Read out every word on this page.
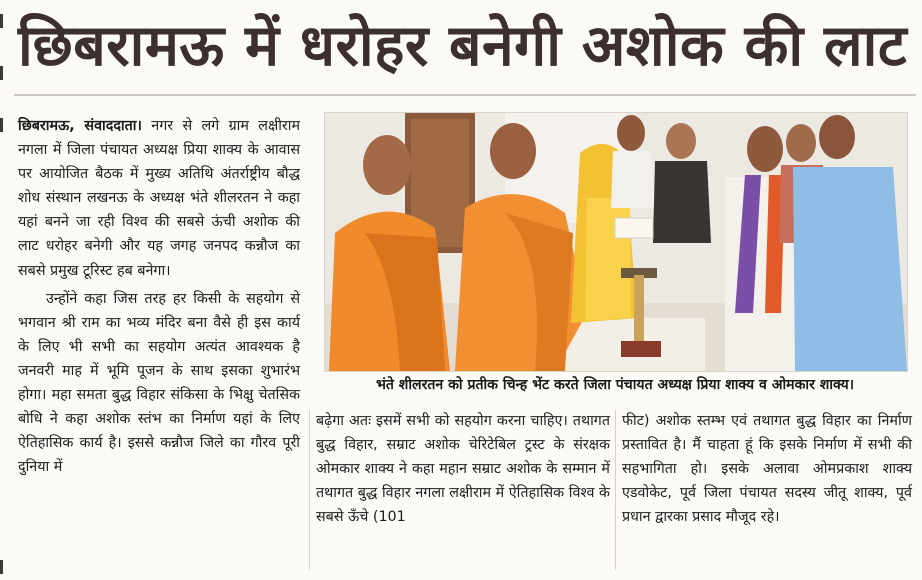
छिबरामऊ में धरोहर बनेगी अशोक की लाट

छिबरामऊ, संवाददाता। नगर से लगे ग्राम लक्षीराम नगला में जिला पंचायत अध्यक्ष प्रिया शाक्य के आवास पर आयोजित बैठक में मुख्य अतिथि अंतर्राष्ट्रीय बौद्ध शोध संस्थान लखनऊ के अध्यक्ष भंते शीलरतन ने कहा यहां बनने जा रही विश्व की सबसे ऊंची अशोक की लाट धरोहर बनेगी और यह जगह जनपद कन्नौज का सबसे प्रमुख टूरिस्ट हब बनेगा।

उन्होंने कहा जिस तरह हर किसी के सहयोग से भगवान श्री राम का भव्य मंदिर बना वैसे ही इस कार्य के लिए भी सभी का सहयोग अत्यंत आवश्यक है जनवरी माह में भूमि पूजन के साथ इसका शुभारंभ होगा। महा समता बुद्ध विहार संकिसा के भिक्षु चेतसिक बोधि ने कहा अशोक स्तंभ का निर्माण यहां के लिए ऐतिहासिक कार्य है। इससे कन्नौज जिले का गौरव पूरी दुनिया में

भंते शीलरतन को प्रतीक चिन्ह भेंट करते जिला पंचायत अध्यक्ष प्रिया शाक्य व ओमकार शाक्य।

बढ़ेगा अतः इसमें सभी को सहयोग करना चाहिए। तथागत बुद्ध विहार, सम्राट अशोक चेरिटेबिल ट्रस्ट के संरक्षक ओमकार शाक्य ने कहा महान सम्राट अशोक के सम्मान में तथागत बुद्ध विहार नगला लक्षीराम में ऐतिहासिक विश्व के सबसे ऊँचे (101

फीट) अशोक स्तम्भ एवं तथागत बुद्ध विहार का निर्माण प्रस्तावित है। मैं चाहता हूं कि इसके निर्माण में सभी की सहभागिता हो। इसके अलावा ओमप्रकाश शाक्य एडवोकेट, पूर्व जिला पंचायत सदस्य जीतू शाक्य, पूर्व प्रधान द्वारका प्रसाद मौजूद रहे।
